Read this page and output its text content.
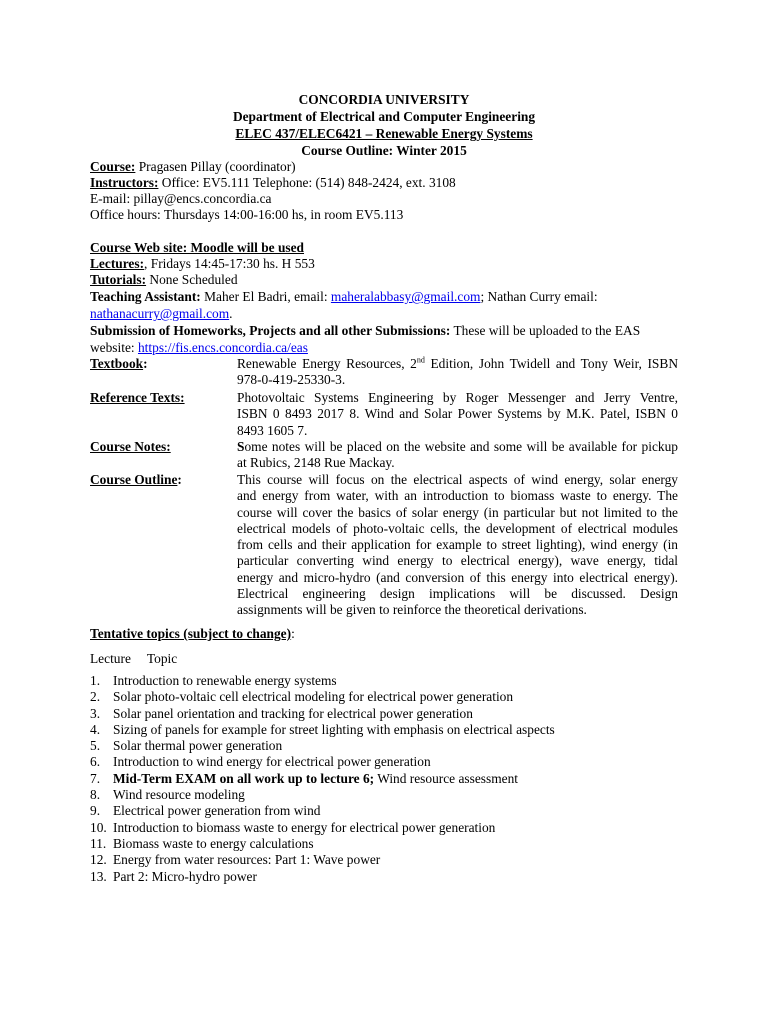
CONCORDIA UNIVERSITY
Department of Electrical and Computer Engineering
ELEC 437/ELEC6421 – Renewable Energy Systems
Course Outline: Winter 2015
Course: Pragasen Pillay (coordinator)
Instructors: Office: EV5.111 Telephone: (514) 848-2424, ext. 3108
E-mail: pillay@encs.concordia.ca
Office hours: Thursdays 14:00-16:00 hs, in room EV5.113
Course Web site: Moodle will be used
Lectures:, Fridays 14:45-17:30 hs. H 553
Tutorials: None Scheduled
Teaching Assistant: Maher El Badri, email: maheralabbasy@gmail.com; Nathan Curry email:
nathanacurry@gmail.com.
Submission of Homeworks, Projects and all other Submissions: These will be uploaded to the EAS
website: https://fis.encs.concordia.ca/eas
Textbook:	Renewable Energy Resources, 2nd Edition, John Twidell and Tony Weir, ISBN
978-0-419-25330-3.
Reference Texts:	Photovoltaic Systems Engineering by Roger Messenger and Jerry Ventre,
ISBN 0 8493 2017 8. Wind and Solar Power Systems by M.K. Patel, ISBN 0
8493 1605 7.
Course Notes:	Some notes will be placed on the website and some will be available for pickup
at Rubics, 2148 Rue Mackay.
Course Outline:	This course will focus on the electrical aspects of wind energy, solar energy
and energy from water, with an introduction to biomass waste to energy. The
course will cover the basics of solar energy (in particular but not limited to the
electrical models of photo-voltaic cells, the development of electrical modules
from cells and their application for example to street lighting), wind energy (in
particular converting wind energy to electrical energy), wave energy, tidal
energy and micro-hydro (and conversion of this energy into electrical energy).
Electrical engineering design implications will be discussed. Design
assignments will be given to reinforce the theoretical derivations.
Tentative topics (subject to change):
Lecture Topic
1. Introduction to renewable energy systems
2. Solar photo-voltaic cell electrical modeling for electrical power generation
3. Solar panel orientation and tracking for electrical power generation
4. Sizing of panels for example for street lighting with emphasis on electrical aspects
5. Solar thermal power generation
6. Introduction to wind energy for electrical power generation
7. Mid-Term EXAM on all work up to lecture 6; Wind resource assessment
8. Wind resource modeling
9. Electrical power generation from wind
10. Introduction to biomass waste to energy for electrical power generation
11. Biomass waste to energy calculations
12. Energy from water resources: Part 1: Wave power
13. Part 2: Micro-hydro power
